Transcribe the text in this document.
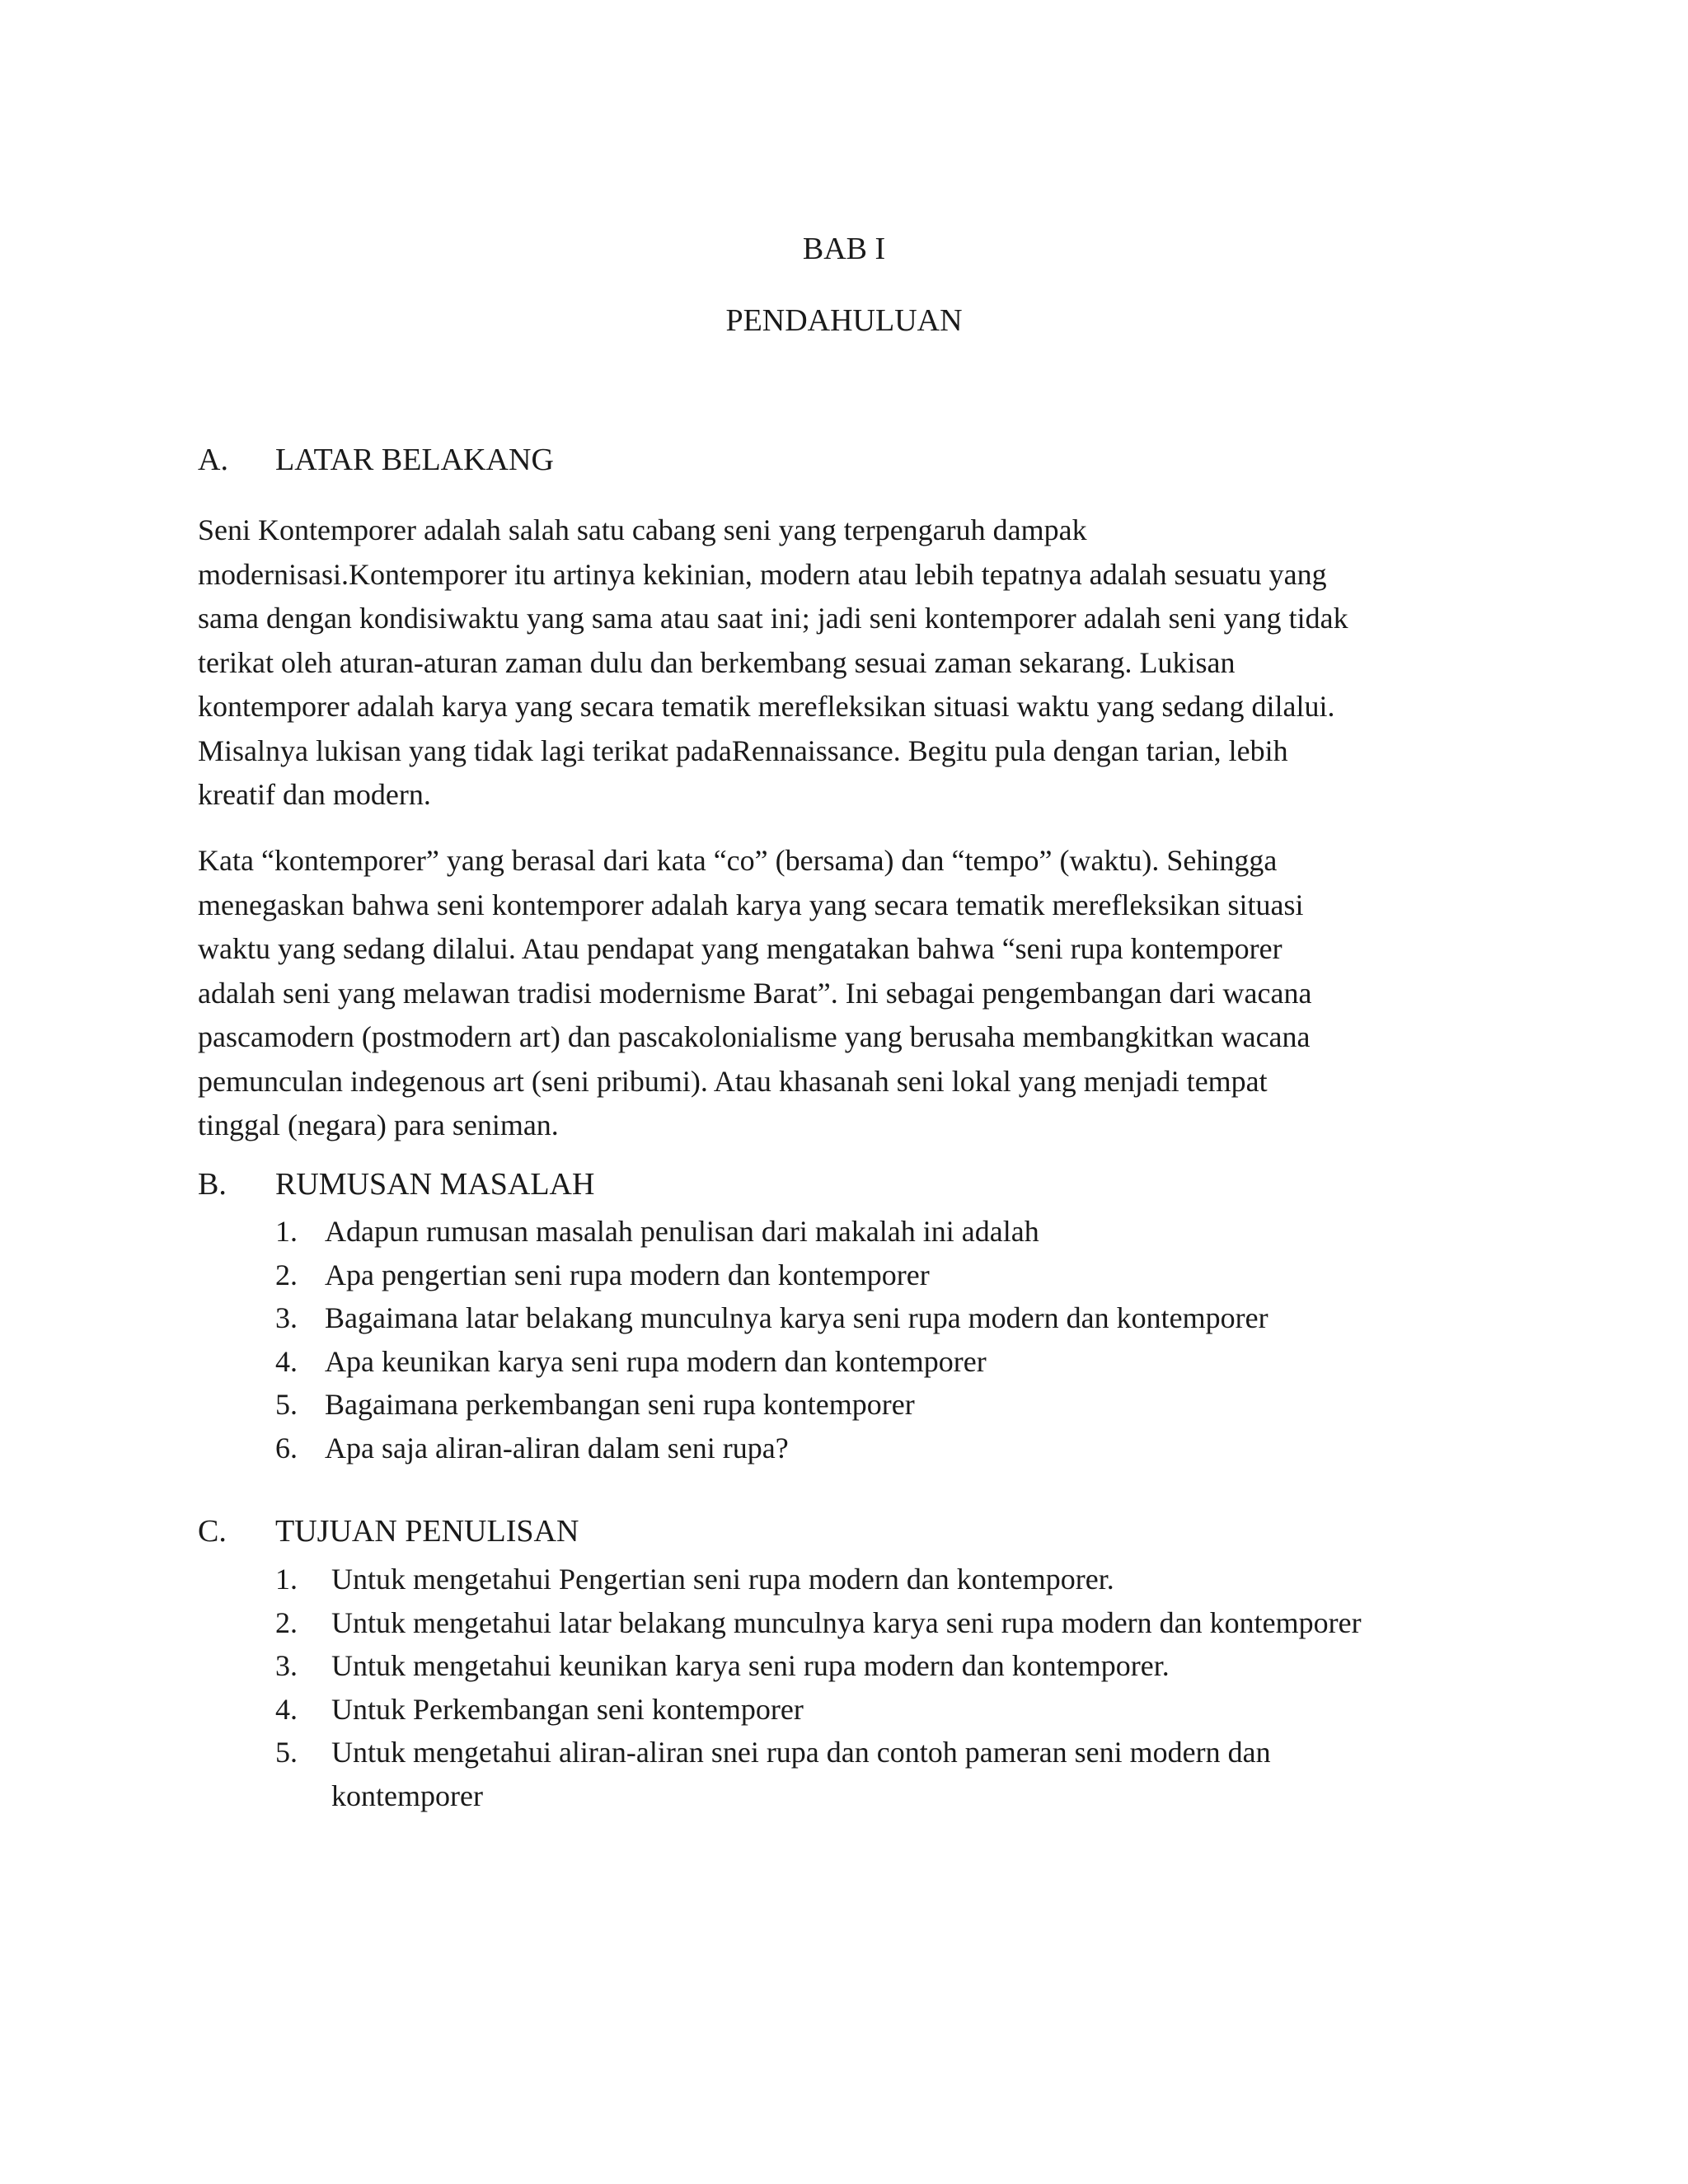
BAB I
PENDAHULUAN
A. LATAR BELAKANG
Seni Kontemporer adalah salah satu cabang seni yang terpengaruh dampak
modernisasi.Kontemporer itu artinya kekinian, modern atau lebih tepatnya adalah sesuatu yang
sama dengan kondisiwaktu yang sama atau saat ini; jadi seni kontemporer adalah seni yang tidak
terikat oleh aturan-aturan zaman dulu dan berkembang sesuai zaman sekarang. Lukisan
kontemporer adalah karya yang secara tematik merefleksikan situasi waktu yang sedang dilalui.
Misalnya lukisan yang tidak lagi terikat padaRennaissance. Begitu pula dengan tarian, lebih
kreatif dan modern.
Kata “kontemporer” yang berasal dari kata “co” (bersama) dan “tempo” (waktu). Sehingga
menegaskan bahwa seni kontemporer adalah karya yang secara tematik merefleksikan situasi
waktu yang sedang dilalui. Atau pendapat yang mengatakan bahwa “seni rupa kontemporer
adalah seni yang melawan tradisi modernisme Barat”. Ini sebagai pengembangan dari wacana
pascamodern (postmodern art) dan pascakolonialisme yang berusaha membangkitkan wacana
pemunculan indegenous art (seni pribumi). Atau khasanah seni lokal yang menjadi tempat
tinggal (negara) para seniman.
B. RUMUSAN MASALAH
1. Adapun rumusan masalah penulisan dari makalah ini adalah
2. Apa pengertian seni rupa modern dan kontemporer
3. Bagaimana latar belakang munculnya karya seni rupa modern dan kontemporer
4. Apa keunikan karya seni rupa modern dan kontemporer
5. Bagaimana perkembangan seni rupa kontemporer
6. Apa saja aliran-aliran dalam seni rupa?
C. TUJUAN PENULISAN
1. Untuk mengetahui Pengertian seni rupa modern dan kontemporer.
2. Untuk mengetahui latar belakang munculnya karya seni rupa modern dan kontemporer
3. Untuk mengetahui keunikan karya seni rupa modern dan kontemporer.
4. Untuk Perkembangan seni kontemporer
5. Untuk mengetahui aliran-aliran snei rupa dan contoh pameran seni modern dan
kontemporer
